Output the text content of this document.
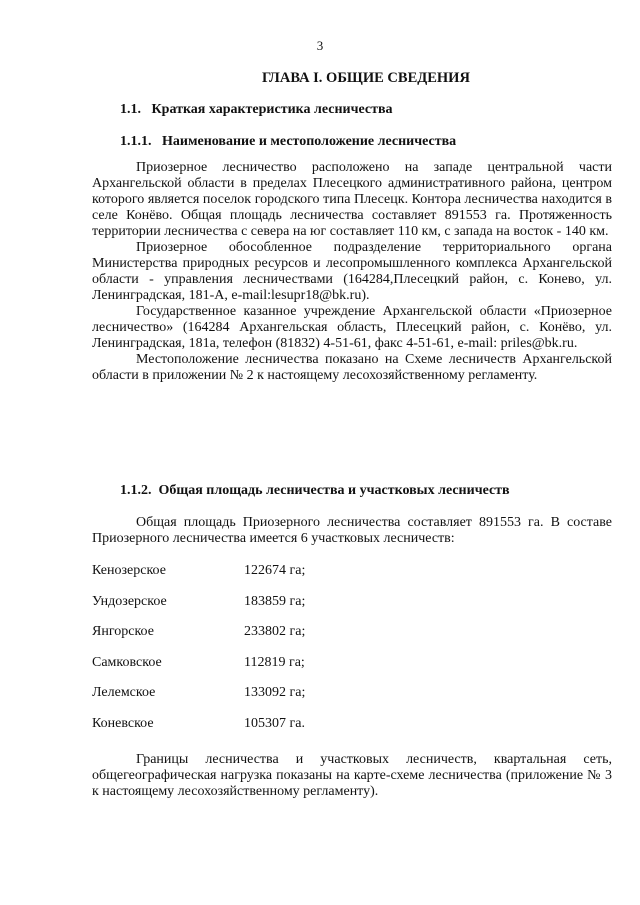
3
ГЛАВА I. ОБЩИЕ СВЕДЕНИЯ
1.1.   Краткая характеристика лесничества
1.1.1.   Наименование и местоположение лесничества

Приозерное лесничество расположено на западе центральной части Архангельской области в пределах Плесецкого административного района, центром которого является поселок городского типа Плесецк. Контора лесничества находится в селе Конёво. Общая площадь лесничества составляет 891553 га. Протяженность территории лесничества с севера на юг составляет 110 км, с запада на восток - 140 км.

Приозерное обособленное подразделение территориального органа Министерства природных ресурсов и лесопромышленного комплекса Архангельской области - управления лесничествами (164284,Плесецкий район, с. Конево, ул. Ленинградская, 181-А, e-mail:lesupr18@bk.ru).

Государственное казанное учреждение Архангельской области «Приозерное лесничество» (164284 Архангельская область, Плесецкий район, с. Конёво, ул. Ленинградская, 181а, телефон (81832) 4-51-61, факс 4-51-61, e-mail: priles@bk.ru.

Местоположение лесничества показано на Схеме лесничеств Архангельской области в приложении № 2 к настоящему лесохозяйственному регламенту.

1.1.2.  Общая площадь лесничества и участковых лесничеств

Общая площадь Приозерного лесничества составляет 891553 га. В составе Приозерного лесничества имеется 6 участковых лесничеств:

Кенозерское	122674 га;
Ундозерское	183859 га;
Янгорское	233802 га;
Самковское	112819 га;
Лелемское	133092 га;
Коневское	105307 га.

Границы лесничества и участковых лесничеств, квартальная сеть, общегеографическая нагрузка показаны на карте-схеме лесничества (приложение № 3 к настоящему лесохозяйственному регламенту).
